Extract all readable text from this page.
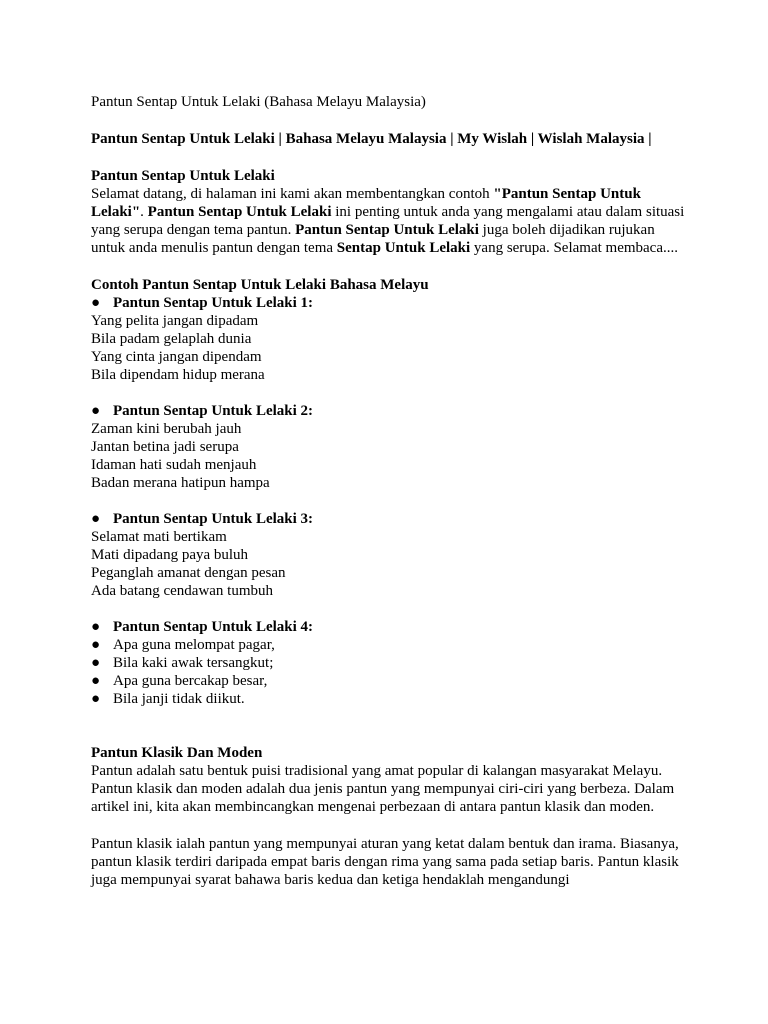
Pantun Sentap Untuk Lelaki (Bahasa Melayu Malaysia)

Pantun Sentap Untuk Lelaki | Bahasa Melayu Malaysia | My Wislah | Wislah Malaysia |

Pantun Sentap Untuk Lelaki

Selamat datang, di halaman ini kami akan membentangkan contoh "Pantun Sentap Untuk Lelaki". Pantun Sentap Untuk Lelaki ini penting untuk anda yang mengalami atau dalam situasi yang serupa dengan tema pantun. Pantun Sentap Untuk Lelaki juga boleh dijadikan rujukan untuk anda menulis pantun dengan tema Sentap Untuk Lelaki yang serupa. Selamat membaca....

Contoh Pantun Sentap Untuk Lelaki Bahasa Melayu

● Pantun Sentap Untuk Lelaki 1:
Yang pelita jangan dipadam
Bila padam gelaplah dunia
Yang cinta jangan dipendam
Bila dipendam hidup merana
● Pantun Sentap Untuk Lelaki 2:
Zaman kini berubah jauh
Jantan betina jadi serupa
Idaman hati sudah menjauh
Badan merana hatipun hampa
● Pantun Sentap Untuk Lelaki 3:
Selamat mati bertikam
Mati dipadang paya buluh
Peganglah amanat dengan pesan
Ada batang cendawan tumbuh
● Pantun Sentap Untuk Lelaki 4:
● Apa guna melompat pagar,
● Bila kaki awak tersangkut;
● Apa guna bercakap besar,
● Bila janji tidak diikut.

Pantun Klasik Dan Moden

Pantun adalah satu bentuk puisi tradisional yang amat popular di kalangan masyarakat Melayu. Pantun klasik dan moden adalah dua jenis pantun yang mempunyai ciri-ciri yang berbeza. Dalam artikel ini, kita akan membincangkan mengenai perbezaan di antara pantun klasik dan moden.

Pantun klasik ialah pantun yang mempunyai aturan yang ketat dalam bentuk dan irama. Biasanya, pantun klasik terdiri daripada empat baris dengan rima yang sama pada setiap baris. Pantun klasik juga mempunyai syarat bahawa baris kedua dan ketiga hendaklah mengandungi
